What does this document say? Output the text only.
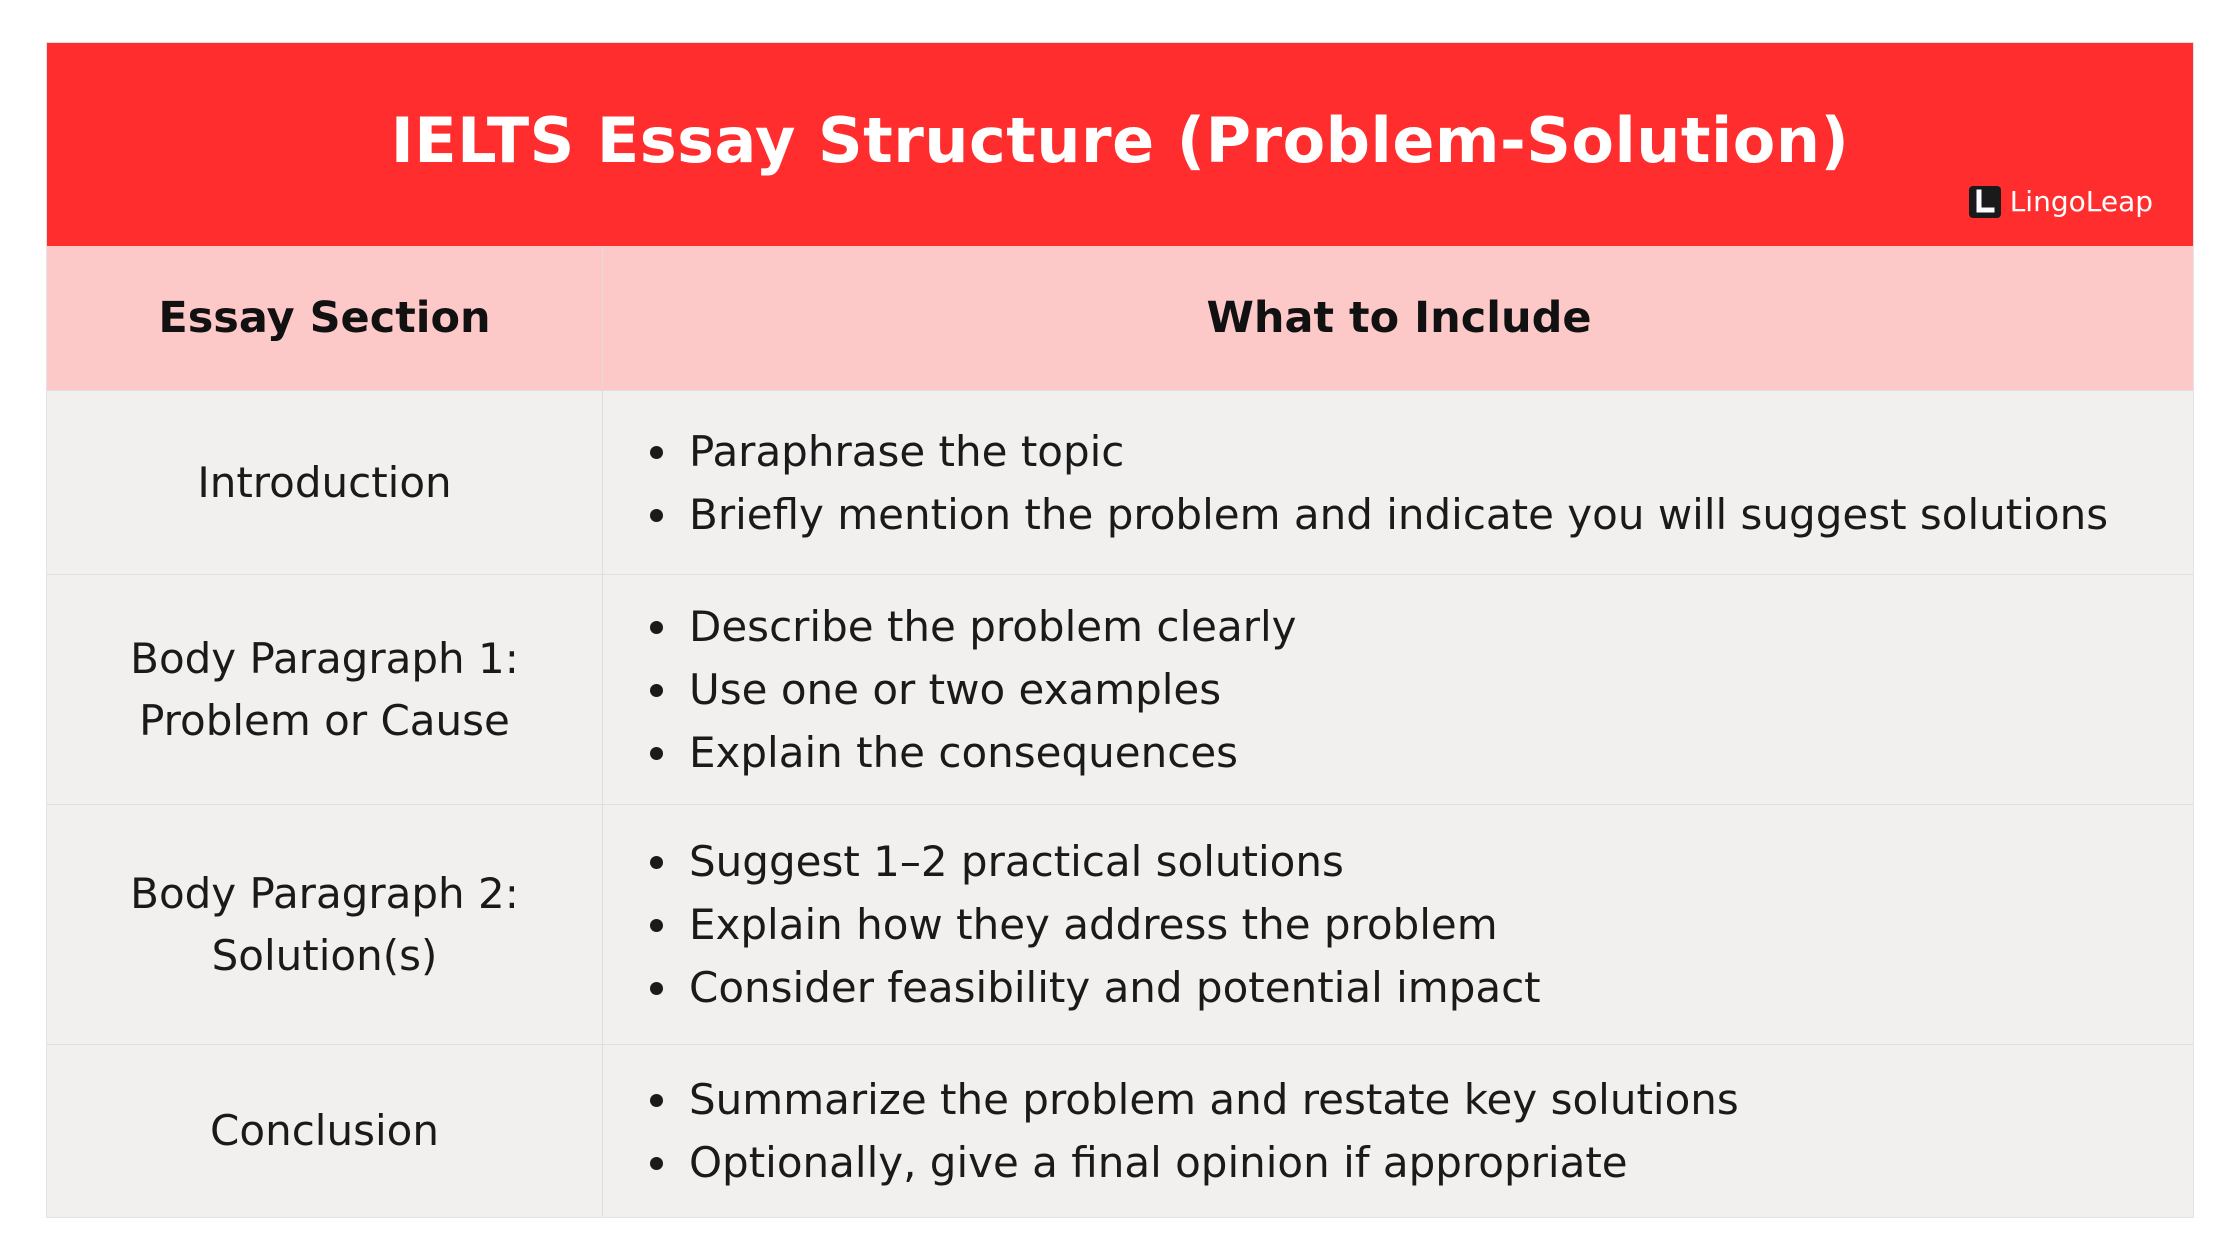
IELTS Essay Structure (Problem-Solution)
LingoLeap
Essay Section	What to Include
Introduction
Paraphrase the topic
Briefly mention the problem and indicate you will suggest solutions
Body Paragraph 1:
Problem or Cause
Describe the problem clearly
Use one or two examples
Explain the consequences
Body Paragraph 2:
Solution(s)
Suggest 1–2 practical solutions
Explain how they address the problem
Consider feasibility and potential impact
Conclusion
Summarize the problem and restate key solutions
Optionally, give a final opinion if appropriate
